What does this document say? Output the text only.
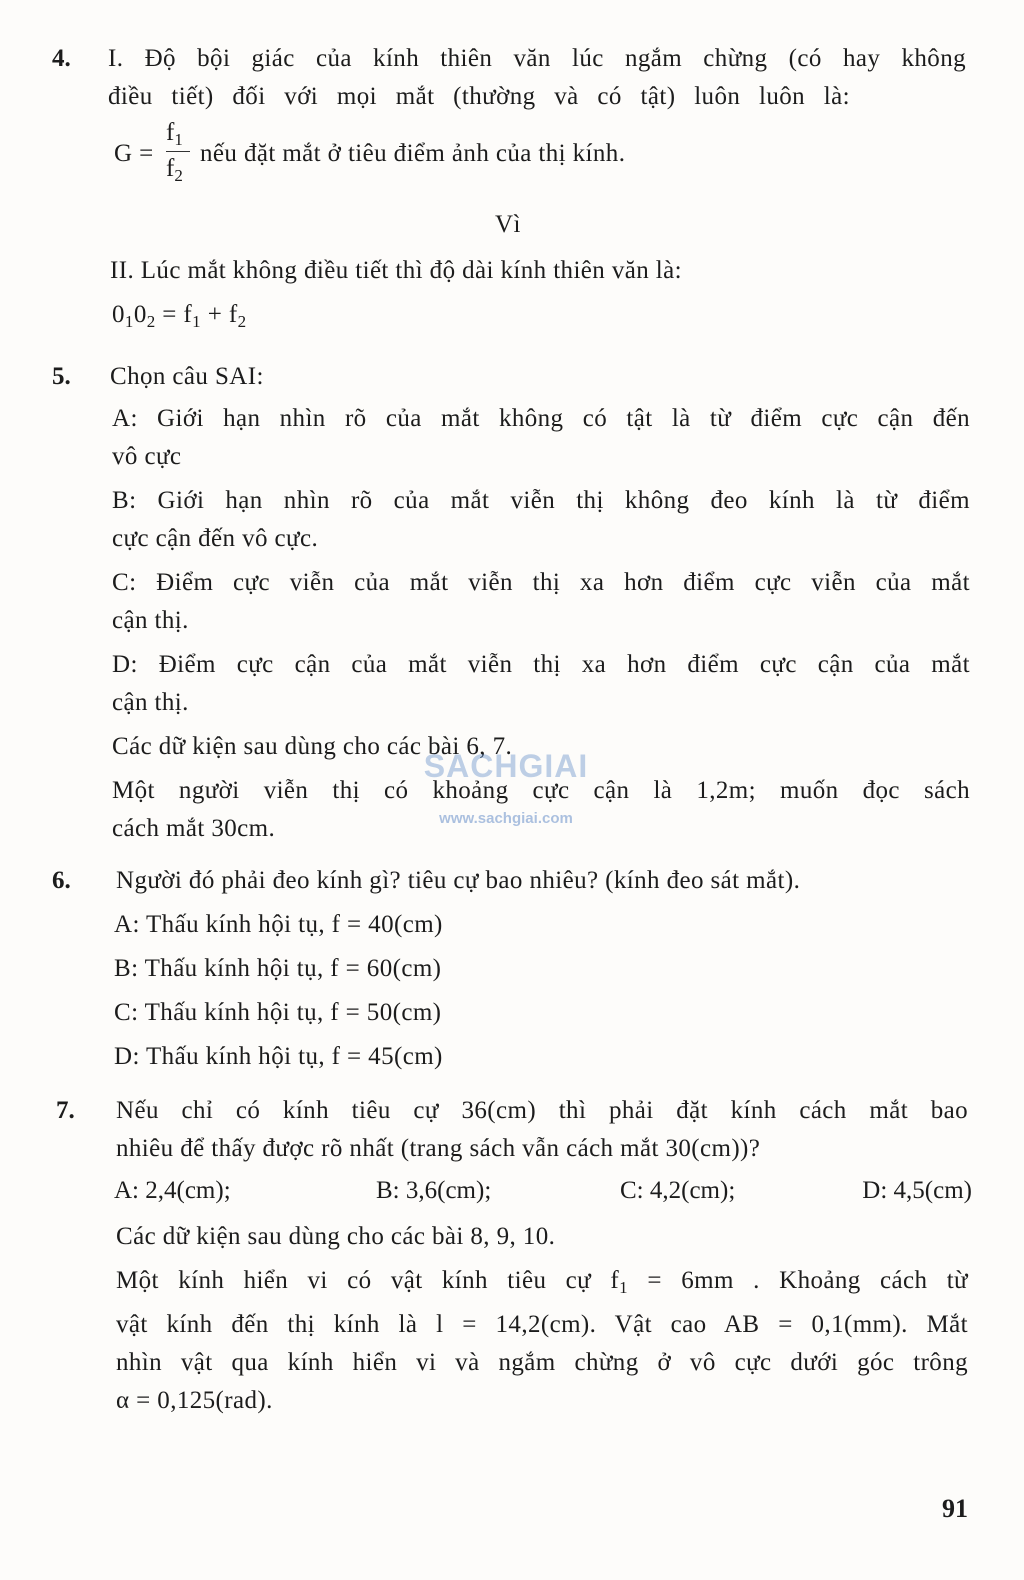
4. I. Độ bội giác của kính thiên văn lúc ngắm chừng (có hay không
điều tiết) đối với mọi mắt (thường và có tật) luôn luôn là:
G =
$f_1$
$f_2$
nếu đặt mắt ở tiêu điểm ảnh của thị kính.
Vì
II. Lúc mắt không điều tiết thì độ dài kính thiên văn là:
$0_10_2 = f_1 + f_2$
5. Chọn câu SAI:
A: Giới hạn nhìn rõ của mắt không có tật là từ điểm cực cận đến
vô cực
B: Giới hạn nhìn rõ của mắt viễn thị không đeo kính là từ điểm
cực cận đến vô cực.
C: Điểm cực viễn của mắt viễn thị xa hơn điểm cực viễn của mắt
cận thị.
D: Điểm cực cận của mắt viễn thị xa hơn điểm cực cận của mắt
cận thị.
Các dữ kiện sau dùng cho các bài 6, 7.
Một người viễn thị có khoảng cực cận là 1,2m; muốn đọc sách
cách mắt 30cm.
6. Người đó phải đeo kính gì? tiêu cự bao nhiêu? (kính đeo sát mắt).
A: Thấu kính hội tụ, f = 40(cm)
B: Thấu kính hội tụ, f = 60(cm)
C: Thấu kính hội tụ, f = 50(cm)
D: Thấu kính hội tụ, f = 45(cm)
7. Nếu chỉ có kính tiêu cự 36(cm) thì phải đặt kính cách mắt bao
nhiêu để thấy được rõ nhất (trang sách vẫn cách mắt 30(cm))?
A: 2,4(cm);	B: 3,6(cm);	C: 4,2(cm);	D: 4,5(cm)
Các dữ kiện sau dùng cho các bài 8, 9, 10.
Một kính hiển vi có vật kính tiêu cự $f_1 = 6mm$ . Khoảng cách từ
vật kính đến thị kính là l = 14,2(cm). Vật cao AB = 0,1(mm). Mắt
nhìn vật qua kính hiển vi và ngắm chừng ở vô cực dưới góc trông
α = 0,125(rad).
SACHGIAI
www.sachgiai.com
91
